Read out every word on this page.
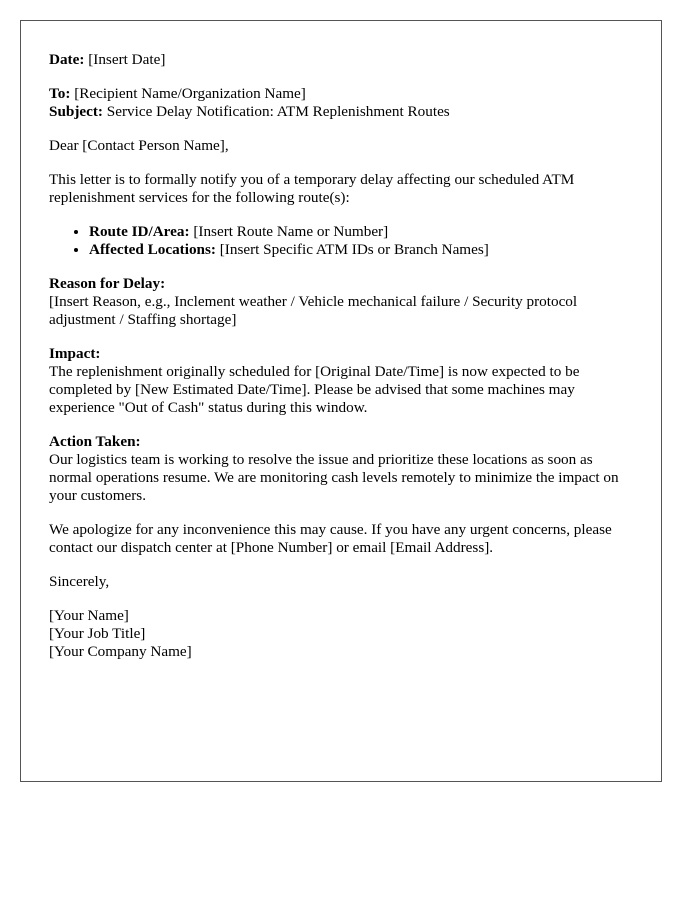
Date: [Insert Date]

To: [Recipient Name/Organization Name]
Subject: Service Delay Notification: ATM Replenishment Routes

Dear [Contact Person Name],

This letter is to formally notify you of a temporary delay affecting our scheduled ATM replenishment services for the following route(s):

• Route ID/Area: [Insert Route Name or Number]
• Affected Locations: [Insert Specific ATM IDs or Branch Names]
Reason for Delay:
[Insert Reason, e.g., Inclement weather / Vehicle mechanical failure / Security protocol adjustment / Staffing shortage]
Impact:
The replenishment originally scheduled for [Original Date/Time] is now expected to be completed by [New Estimated Date/Time]. Please be advised that some machines may experience "Out of Cash" status during this window.
Action Taken:
Our logistics team is working to resolve the issue and prioritize these locations as soon as normal operations resume. We are monitoring cash levels remotely to minimize the impact on your customers.

We apologize for any inconvenience this may cause. If you have any urgent concerns, please contact our dispatch center at [Phone Number] or email [Email Address].

Sincerely,

[Your Name]
[Your Job Title]
[Your Company Name]
